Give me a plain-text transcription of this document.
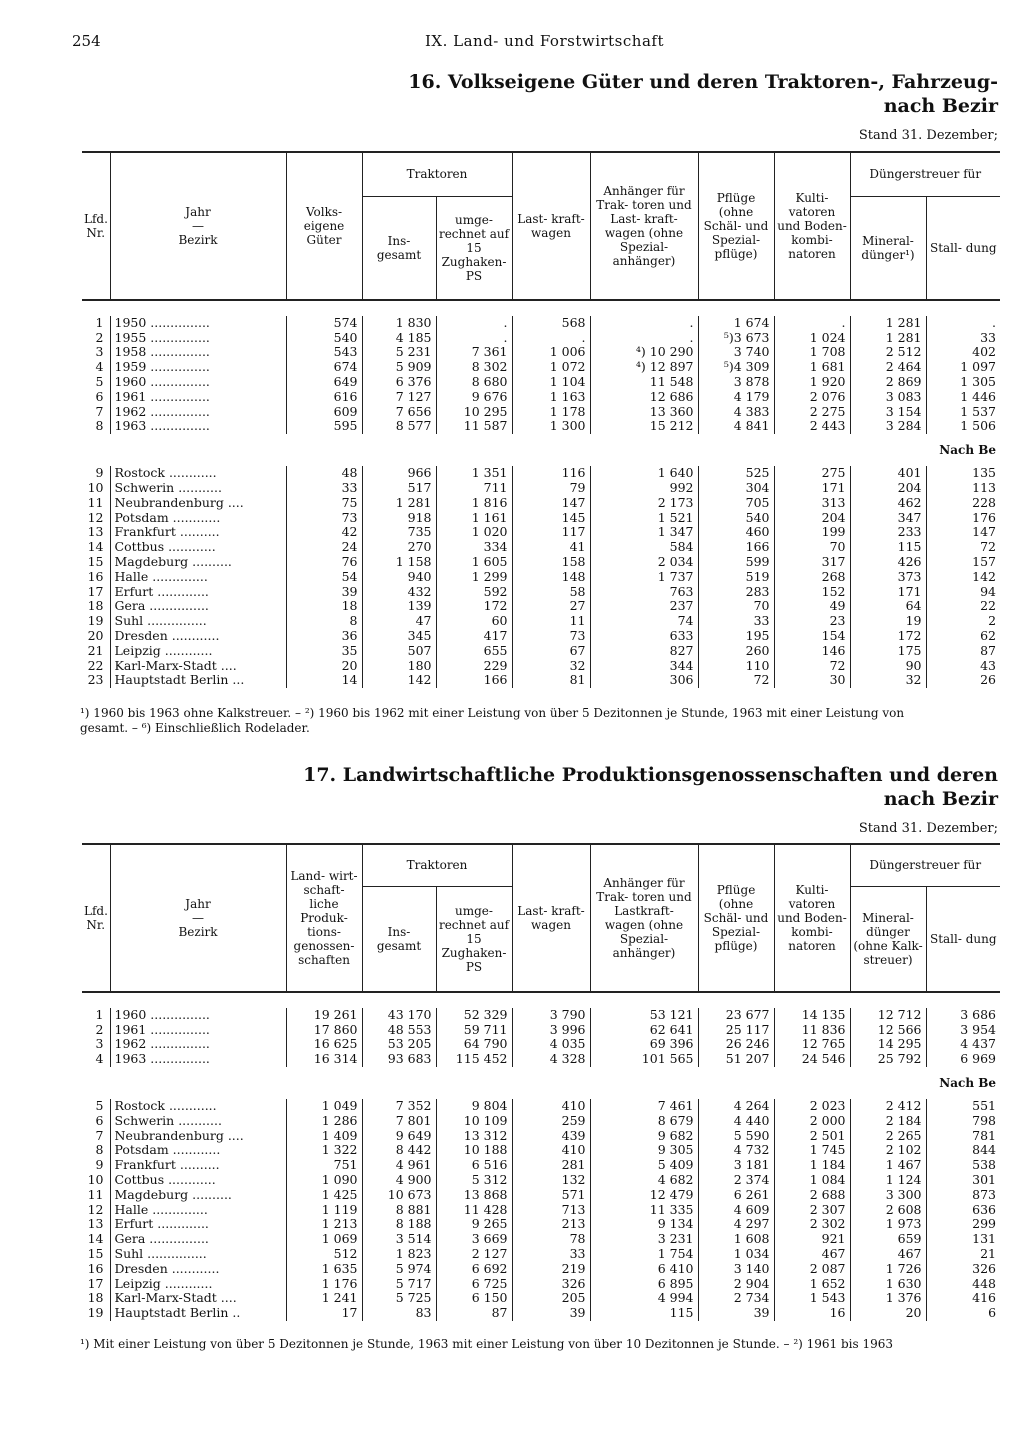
254	IX. Land- und Forstwirtschaft
16. Volkseigene Güter und deren Traktoren-, Fahrzeug-
nach Bezir
Stand 31. Dezember;
Lfd. Nr.	Jahr
—
Bezirk	Volks- eigene Güter	Traktoren		Last- kraft- wagen	Anhänger für Trak- toren und Last- kraft- wagen (ohne Spezial- anhänger)	Pflüge (ohne Schäl- und Spezial- pflüge)	Kulti- vatoren und Boden- kombi- natoren	Düngerstreuer für	
			Ins- gesamt	umge- rechnet auf 15 Zughaken- PS					Mineral- dünger¹)	Stall- dung

1	1950 ...............	574	1 830	.	568	.	1 674	.	1 281	.
2	1955 ...............	540	4 185	.	.	.	⁵)3 673	1 024	1 281	33
3	1958 ...............	543	5 231	7 361	1 006	⁴) 10 290	3 740	1 708	2 512	402
4	1959 ...............	674	5 909	8 302	1 072	⁴) 12 897	⁵)4 309	1 681	2 464	1 097
5	1960 ...............	649	6 376	8 680	1 104	11 548	3 878	1 920	2 869	1 305
6	1961 ...............	616	7 127	9 676	1 163	12 686	4 179	2 076	3 083	1 446
7	1962 ...............	609	7 656	10 295	1 178	13 360	4 383	2 275	3 154	1 537
8	1963 ...............	595	8 577	11 587	1 300	15 212	4 841	2 443	3 284	1 506
Nach Be										
9	Rostock ............	48	966	1 351	116	1 640	525	275	401	135
10	Schwerin ...........	33	517	711	79	992	304	171	204	113
11	Neubrandenburg ....	75	1 281	1 816	147	2 173	705	313	462	228
12	Potsdam ............	73	918	1 161	145	1 521	540	204	347	176
13	Frankfurt ..........	42	735	1 020	117	1 347	460	199	233	147
14	Cottbus ............	24	270	334	41	584	166	70	115	72
15	Magdeburg ..........	76	1 158	1 605	158	2 034	599	317	426	157
16	Halle ..............	54	940	1 299	148	1 737	519	268	373	142
17	Erfurt .............	39	432	592	58	763	283	152	171	94
18	Gera ...............	18	139	172	27	237	70	49	64	22
19	Suhl ...............	8	47	60	11	74	33	23	19	2
20	Dresden ............	36	345	417	73	633	195	154	172	62
21	Leipzig ............	35	507	655	67	827	260	146	175	87
22	Karl-Marx-Stadt ....	20	180	229	32	344	110	72	90	43
23	Hauptstadt Berlin ...	14	142	166	81	306	72	30	32	26
¹) 1960 bis 1963 ohne Kalkstreuer. – ²) 1960 bis 1962 mit einer Leistung von über 5 Dezitonnen je Stunde, 1963 mit einer Leistung von
gesamt. – ⁶) Einschließlich Rodelader.
17. Landwirtschaftliche Produktionsgenossenschaften und deren
nach Bezir
Stand 31. Dezember;
Lfd. Nr.	Jahr
—
Bezirk	Land- wirt- schaft- liche Produk- tions- genossen- schaften	Traktoren		Last- kraft- wagen	Anhänger für Trak- toren und Lastkraft- wagen (ohne Spezial- anhänger)	Pflüge (ohne Schäl- und Spezial- pflüge)	Kulti- vatoren und Boden- kombi- natoren	Düngerstreuer für	
			Ins- gesamt	umge- rechnet auf 15 Zughaken- PS					Mineral- dünger (ohne Kalk- streuer)	Stall- dung

1	1960 ...............	19 261	43 170	52 329	3 790	53 121	23 677	14 135	12 712	3 686
2	1961 ...............	17 860	48 553	59 711	3 996	62 641	25 117	11 836	12 566	3 954
3	1962 ...............	16 625	53 205	64 790	4 035	69 396	26 246	12 765	14 295	4 437
4	1963 ...............	16 314	93 683	115 452	4 328	101 565	51 207	24 546	25 792	6 969
Nach Be										
5	Rostock ............	1 049	7 352	9 804	410	7 461	4 264	2 023	2 412	551
6	Schwerin ...........	1 286	7 801	10 109	259	8 679	4 440	2 000	2 184	798
7	Neubrandenburg ....	1 409	9 649	13 312	439	9 682	5 590	2 501	2 265	781
8	Potsdam ............	1 322	8 442	10 188	410	9 305	4 732	1 745	2 102	844
9	Frankfurt ..........	751	4 961	6 516	281	5 409	3 181	1 184	1 467	538
10	Cottbus ............	1 090	4 900	5 312	132	4 682	2 374	1 084	1 124	301
11	Magdeburg ..........	1 425	10 673	13 868	571	12 479	6 261	2 688	3 300	873
12	Halle ..............	1 119	8 881	11 428	713	11 335	4 609	2 307	2 608	636
13	Erfurt .............	1 213	8 188	9 265	213	9 134	4 297	2 302	1 973	299
14	Gera ...............	1 069	3 514	3 669	78	3 231	1 608	921	659	131
15	Suhl ...............	512	1 823	2 127	33	1 754	1 034	467	467	21
16	Dresden ............	1 635	5 974	6 692	219	6 410	3 140	2 087	1 726	326
17	Leipzig ............	1 176	5 717	6 725	326	6 895	2 904	1 652	1 630	448
18	Karl-Marx-Stadt ....	1 241	5 725	6 150	205	4 994	2 734	1 543	1 376	416
19	Hauptstadt Berlin ..	17	83	87	39	115	39	16	20	6
¹) Mit einer Leistung von über 5 Dezitonnen je Stunde, 1963 mit einer Leistung von über 10 Dezitonnen je Stunde. – ²) 1961 bis 1963
